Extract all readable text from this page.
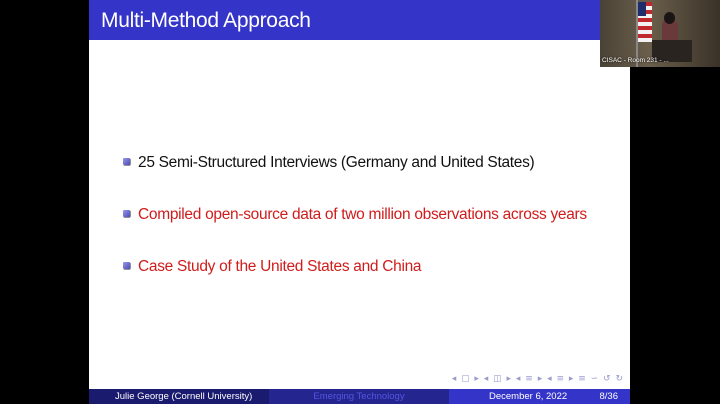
Multi-Method Approach
25 Semi-Structured Interviews (Germany and United States)
Compiled open-source data of two million observations across years
Case Study of the United States and China
◂ ▢ ▸ ◂ ◫ ▸ ◂ ≡ ▸ ◂ ≡ ▸ ≡ ∽ ↺ ↻
Julie George (Cornell University)	Emerging Technology	December 6, 2022	8/36
CISAC - Room 231 - ...
